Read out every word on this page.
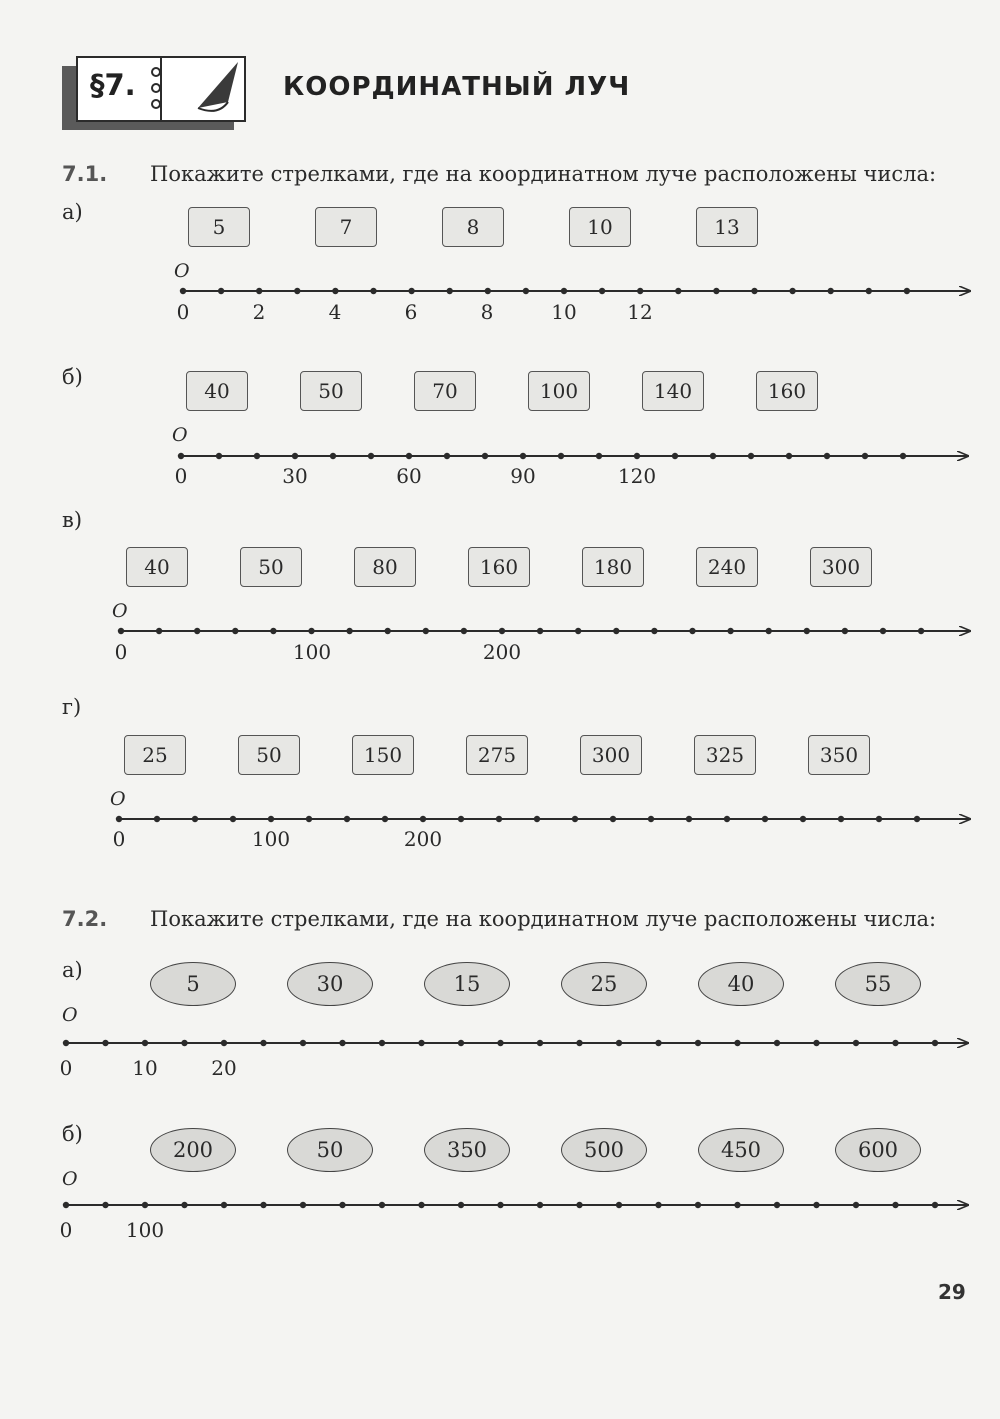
§7.	КООРДИНАТНЫЙ ЛУЧ
7.1. Покажите стрелками, где на координатном луче расположены числа:
а)
O
5	7	8	10	13
0	2	4	6	8	10	12
б)
O
40	50	70	100	140	160
0	30	60	90	120
в)
O
40	50	80	160	180	240	300
0	100	200
г)
O
25	50	150	275	300	325	350
0	100	200
7.2. Покажите стрелками, где на координатном луче расположены числа:
а)
O
5	30	15	25	40	55
0	10	20
б)
O
200	50	350	500	450	600
0	100
29
